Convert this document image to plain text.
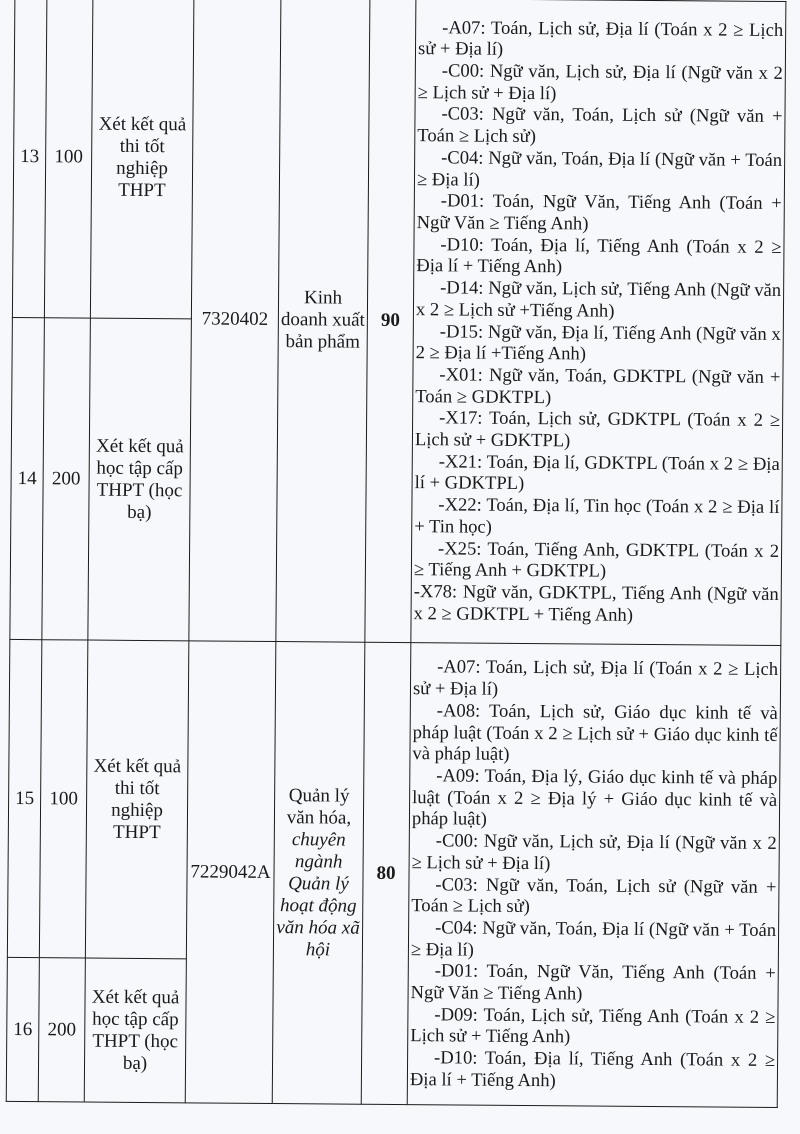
13	100	Xét kết quả thi tốt nghiệp THPT	7320402	Kinh doanh xuất bản phẩm	90	
-A07: Toán, Lịch sử, Địa lí (Toán x 2 ≥ Lịch sử + Địa lí)
-C00: Ngữ văn, Lịch sử, Địa lí (Ngữ văn x 2 ≥ Lịch sử + Địa lí)
-C03: Ngữ văn, Toán, Lịch sử (Ngữ văn + Toán ≥ Lịch sử)
-C04: Ngữ văn, Toán, Địa lí (Ngữ văn + Toán ≥ Địa lí)
-D01: Toán, Ngữ Văn, Tiếng Anh (Toán + Ngữ Văn ≥ Tiếng Anh)
-D10: Toán, Địa lí, Tiếng Anh (Toán x 2 ≥ Địa lí + Tiếng Anh)
-D14: Ngữ văn, Lịch sử, Tiếng Anh (Ngữ văn x 2 ≥ Lịch sử +Tiếng Anh)
-D15: Ngữ văn, Địa lí, Tiếng Anh (Ngữ văn x 2 ≥ Địa lí +Tiếng Anh)
-X01: Ngữ văn, Toán, GDKTPL (Ngữ văn + Toán ≥ GDKTPL)
-X17: Toán, Lịch sử, GDKTPL (Toán x 2 ≥ Lịch sử + GDKTPL)
-X21: Toán, Địa lí, GDKTPL (Toán x 2 ≥ Địa lí + GDKTPL)
-X22: Toán, Địa lí, Tin học (Toán x 2 ≥ Địa lí + Tin học)
-X25: Toán, Tiếng Anh, GDKTPL (Toán x 2 ≥ Tiếng Anh + GDKTPL)
-X78: Ngữ văn, GDKTPL, Tiếng Anh (Ngữ văn x 2 ≥ GDKTPL + Tiếng Anh)

14	200	Xét kết quả học tập cấp THPT (học bạ)				
15	100	Xét kết quả thi tốt nghiệp THPT	7229042A	Quản lý văn hóa, chuyên ngành Quản lý hoạt động văn hóa xã hội	80	
-A07: Toán, Lịch sử, Địa lí (Toán x 2 ≥ Lịch sử + Địa lí)
-A08: Toán, Lịch sử, Giáo dục kinh tế và pháp luật (Toán x 2 ≥ Lịch sử + Giáo dục kinh tế và pháp luật)
-A09: Toán, Địa lý, Giáo dục kinh tế và pháp luật (Toán x 2 ≥ Địa lý + Giáo dục kinh tế và pháp luật)
-C00: Ngữ văn, Lịch sử, Địa lí (Ngữ văn x 2 ≥ Lịch sử + Địa lí)
-C03: Ngữ văn, Toán, Lịch sử (Ngữ văn + Toán ≥ Lịch sử)
-C04: Ngữ văn, Toán, Địa lí (Ngữ văn + Toán ≥ Địa lí)
-D01: Toán, Ngữ Văn, Tiếng Anh (Toán + Ngữ Văn ≥ Tiếng Anh)
-D09: Toán, Lịch sử, Tiếng Anh (Toán x 2 ≥ Lịch sử + Tiếng Anh)
-D10: Toán, Địa lí, Tiếng Anh (Toán x 2 ≥ Địa lí + Tiếng Anh)

16	200	Xét kết quả học tập cấp THPT (học bạ)				
